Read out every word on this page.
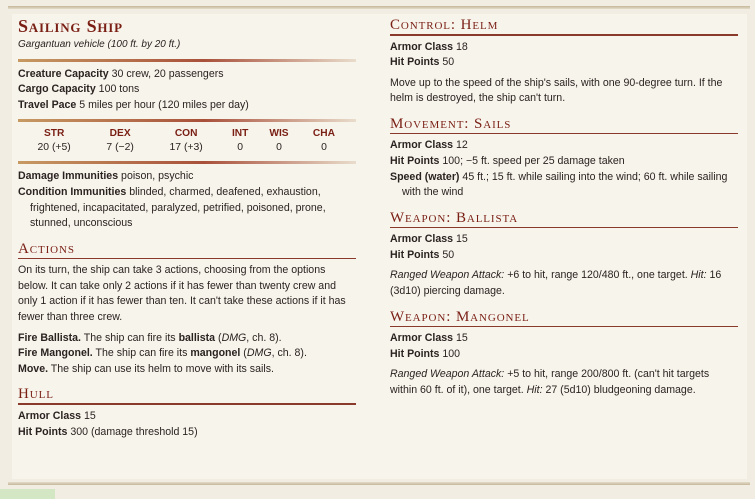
Sailing Ship
Gargantuan vehicle (100 ft. by 20 ft.)
Creature Capacity 30 crew, 20 passengers
Cargo Capacity 100 tons
Travel Pace 5 miles per hour (120 miles per day)
STR	DEX	CON	INT	WIS	CHA
20 (+5)	7 (−2)	17 (+3)	0	0	0
Damage Immunities poison, psychic
Condition Immunities blinded, charmed, deafened, exhaustion, frightened, incapacitated, paralyzed, petrified, poisoned, prone, stunned, unconscious
Actions

On its turn, the ship can take 3 actions, choosing from the options below. It can take only 2 actions if it has fewer than twenty crew and only 1 action if it has fewer than ten. It can't take these actions if it has fewer than three crew.

Fire Ballista. The ship can fire its ballista (DMG, ch. 8).
Fire Mangonel. The ship can fire its mangonel (DMG, ch. 8).
Move. The ship can use its helm to move with its sails.
Hull
Armor Class 15
Hit Points 300 (damage threshold 15)
Control: Helm
Armor Class 18
Hit Points 50

Move up to the speed of the ship's sails, with one 90-degree turn. If the helm is destroyed, the ship can't turn.

Movement: Sails
Armor Class 12
Hit Points 100; −5 ft. speed per 25 damage taken
Speed (water) 45 ft.; 15 ft. while sailing into the wind; 60 ft. while sailing with the wind
Weapon: Ballista
Armor Class 15
Hit Points 50

Ranged Weapon Attack: +6 to hit, range 120/480 ft., one target. Hit: 16 (3d10) piercing damage.

Weapon: Mangonel
Armor Class 15
Hit Points 100

Ranged Weapon Attack: +5 to hit, range 200/800 ft. (can't hit targets within 60 ft. of it), one target. Hit: 27 (5d10) bludgeoning damage.
